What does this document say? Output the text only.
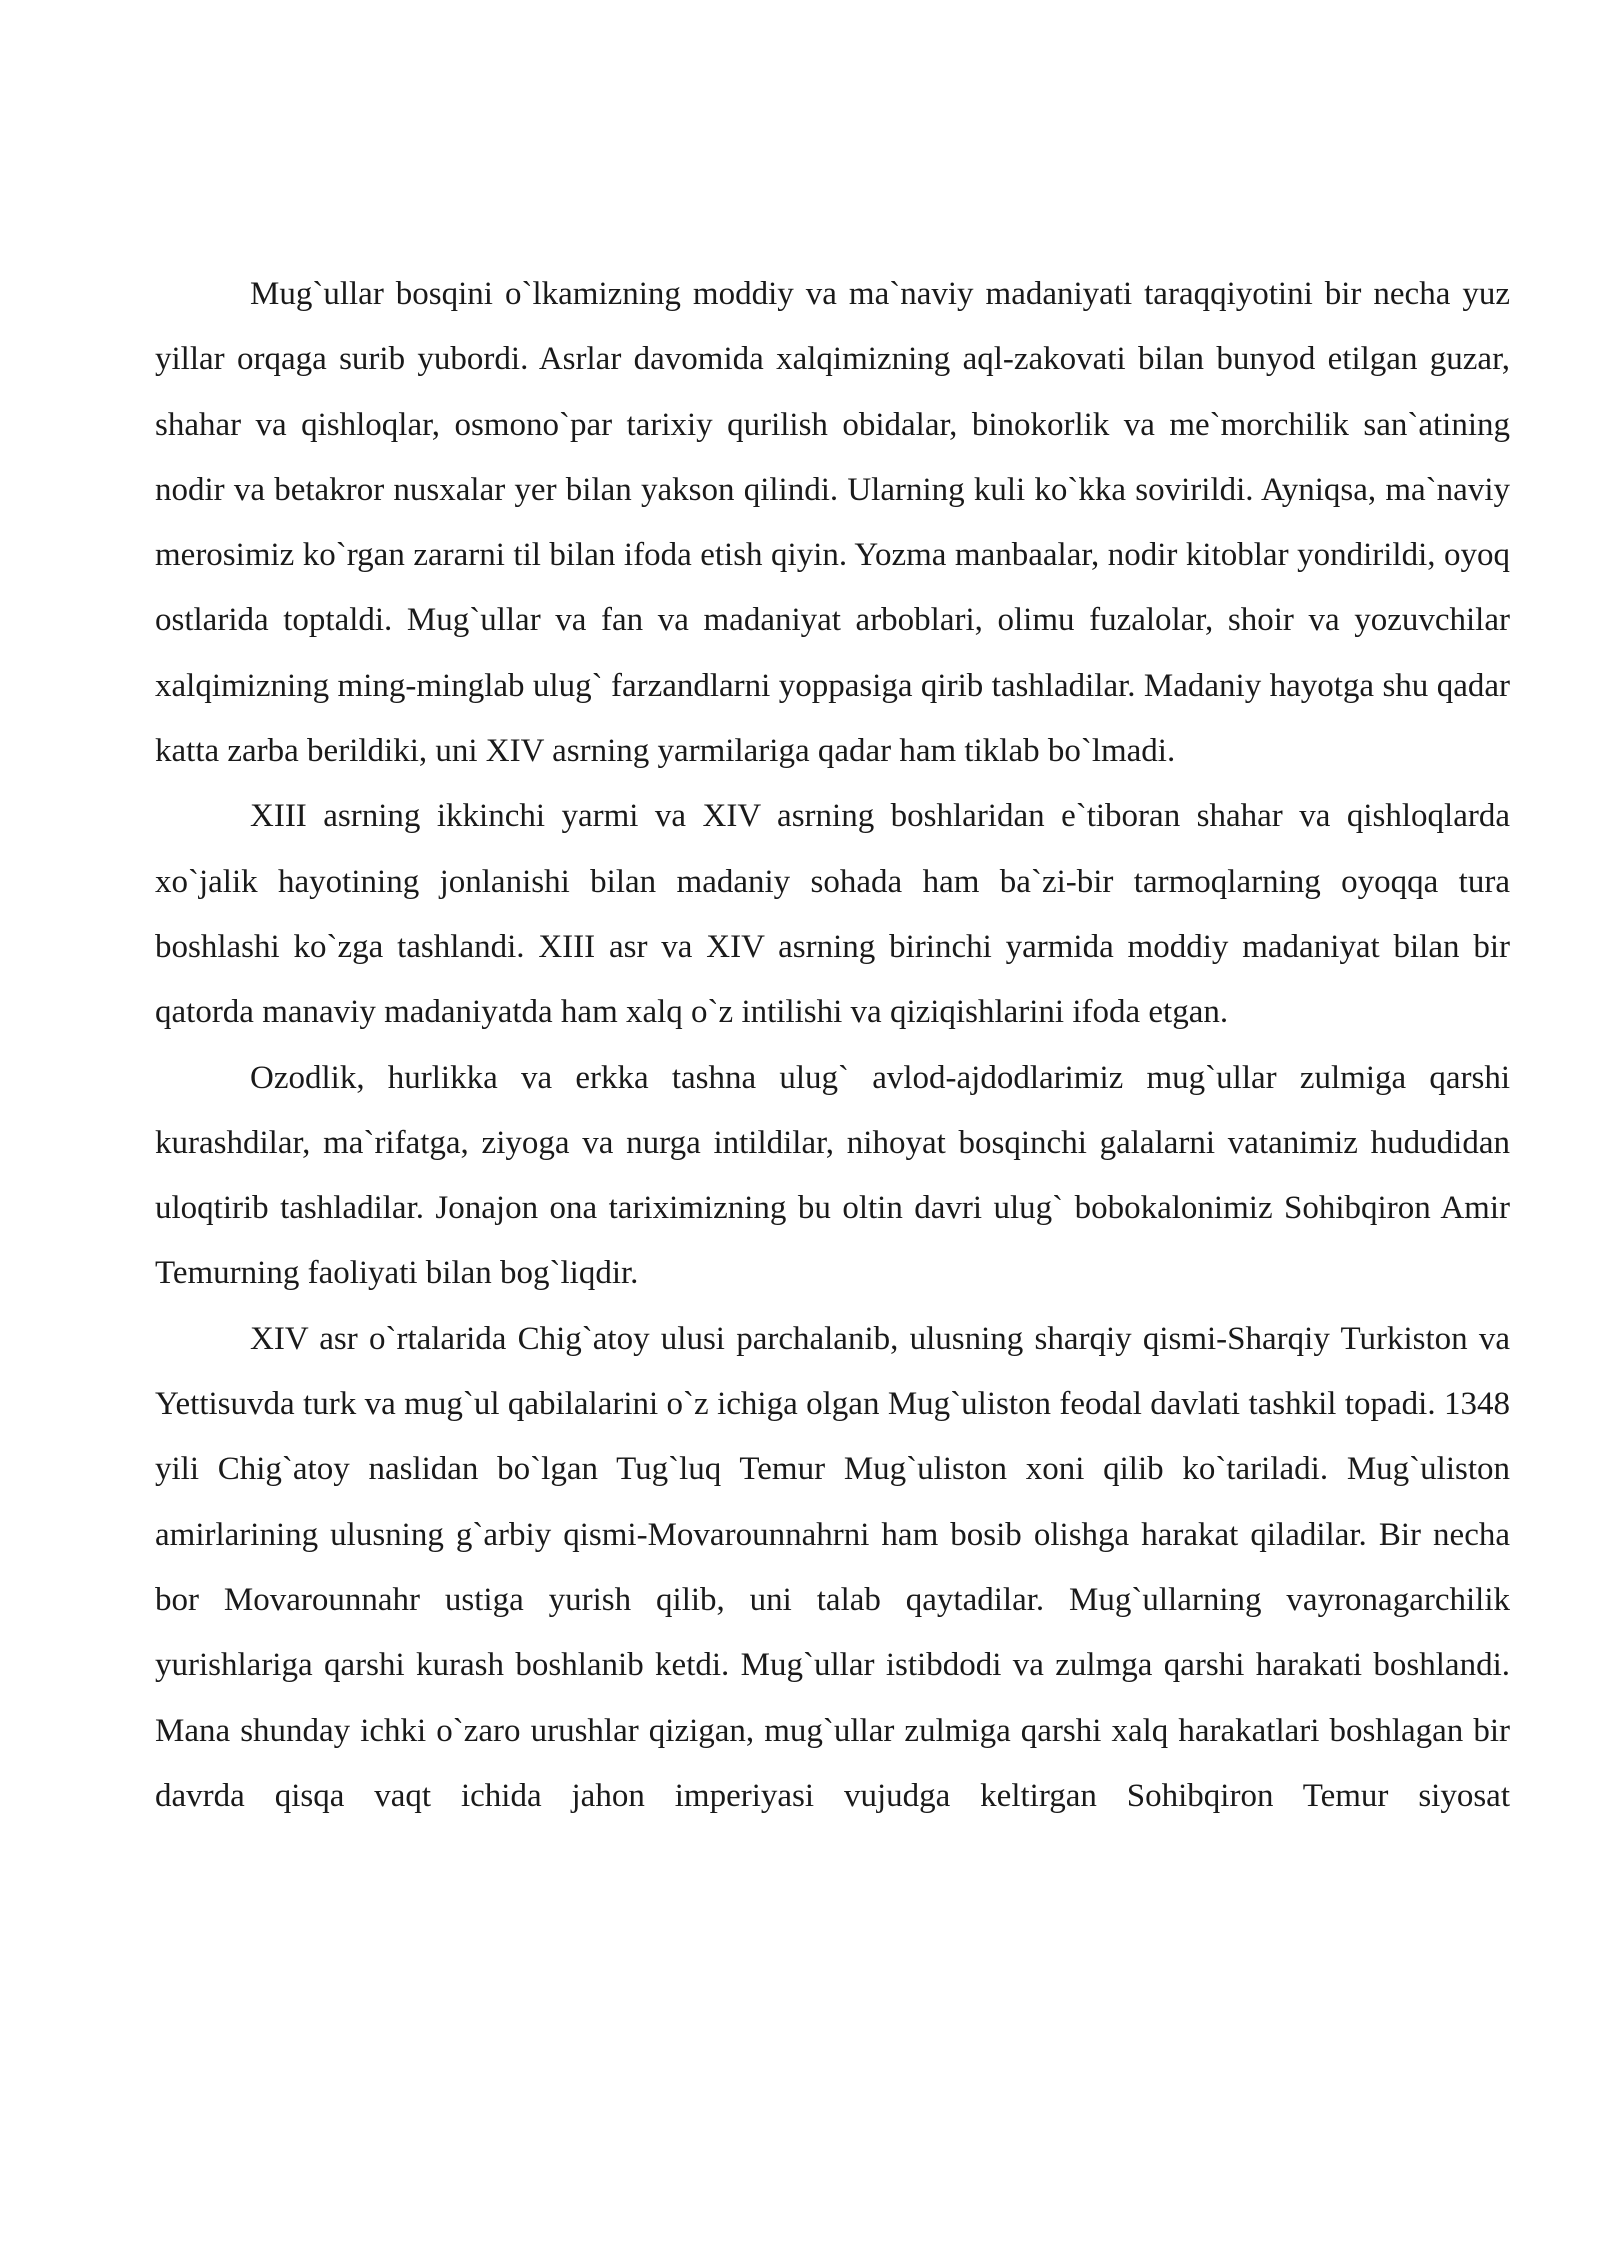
Mug`ullar bosqini o`lkamizning moddiy va ma`naviy madaniyati taraqqiyotini bir necha yuz yillar orqaga surib yubordi. Asrlar davomida xalqimizning aql-zakovati bilan bunyod etilgan guzar, shahar va qishloqlar, osmono`par tarixiy qurilish obidalar, binokorlik va me`morchilik san`atining nodir va betakror nusxalar yer bilan yakson qilindi. Ularning kuli ko`kka sovirildi. Ayniqsa, ma`naviy merosimiz ko`rgan zararni til bilan ifoda etish qiyin. Yozma manbaalar, nodir kitoblar yondirildi, oyoq ostlarida toptaldi. Mug`ullar va fan va madaniyat arboblari, olimu fuzalolar, shoir va yozuvchilar xalqimizning ming-minglab ulug` farzandlarni yoppasiga qirib tashladilar. Madaniy hayotga shu qadar katta zarba berildiki, uni XIV asrning yarmilariga qadar ham tiklab bo`lmadi.

XIII asrning ikkinchi yarmi va XIV asrning boshlaridan e`tiboran shahar va qishloqlarda xo`jalik hayotining jonlanishi bilan madaniy sohada ham ba`zi-bir tarmoqlarning oyoqqa tura boshlashi ko`zga tashlandi. XIII asr va XIV asrning birinchi yarmida moddiy madaniyat bilan bir qatorda manaviy madaniyatda ham xalq o`z intilishi va qiziqishlarini ifoda etgan.

Ozodlik, hurlikka va erkka tashna ulug` avlod-ajdodlarimiz mug`ullar zulmiga qarshi kurashdilar, ma`rifatga, ziyoga va nurga intildilar, nihoyat bosqinchi galalarni vatanimiz hududidan uloqtirib tashladilar. Jonajon ona tariximizning bu oltin davri ulug` bobokalonimiz Sohibqiron Amir Temurning faoliyati bilan bog`liqdir.

XIV asr o`rtalarida Chig`atoy ulusi parchalanib, ulusning sharqiy qismi-Sharqiy Turkiston va Yettisuvda turk va mug`ul qabilalarini o`z ichiga olgan Mug`uliston feodal davlati tashkil topadi. 1348 yili Chig`atoy naslidan bo`lgan Tug`luq Temur Mug`uliston xoni qilib ko`tariladi. Mug`uliston amirlarining ulusning g`arbiy qismi-Movarounnahrni ham bosib olishga harakat qiladilar. Bir necha bor Movarounnahr ustiga yurish qilib, uni talab qaytadilar. Mug`ullarning vayronagarchilik yurishlariga qarshi kurash boshlanib ketdi. Mug`ullar istibdodi va zulmga qarshi harakati boshlandi. Mana shunday ichki o`zaro urushlar qizigan, mug`ullar zulmiga qarshi xalq harakatlari boshlagan bir davrda qisqa vaqt ichida jahon imperiyasi vujudga keltirgan Sohibqiron Temur siyosat
